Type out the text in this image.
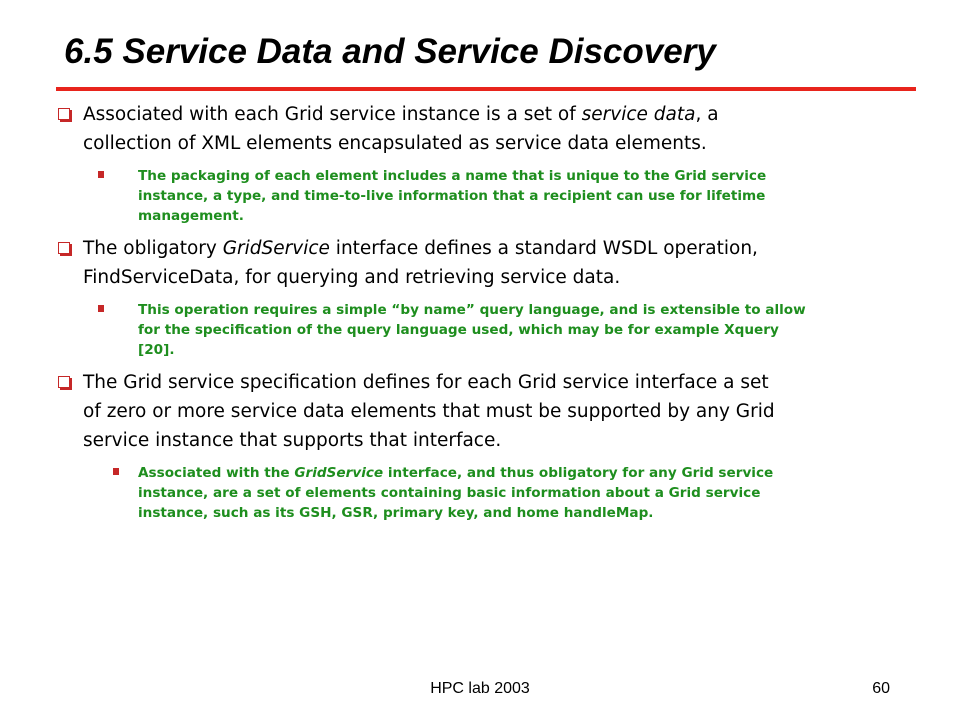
6.5 Service Data and Service Discovery
Associated with each Grid service instance is a set of service data, a
collection of XML elements encapsulated as service data elements.
The packaging of each element includes a name that is unique to the Grid service
instance, a type, and time-to-live information that a recipient can use for lifetime
management.
The obligatory GridService interface defines a standard WSDL operation,
FindServiceData, for querying and retrieving service data.
This operation requires a simple “by name” query language, and is extensible to allow
for the specification of the query language used, which may be for example Xquery
[20].
The Grid service specification defines for each Grid service interface a set
of zero or more service data elements that must be supported by any Grid
service instance that supports that interface.
Associated with the GridService interface, and thus obligatory for any Grid service
instance, are a set of elements containing basic information about a Grid service
instance, such as its GSH, GSR, primary key, and home handleMap.
HPC lab 2003	60
